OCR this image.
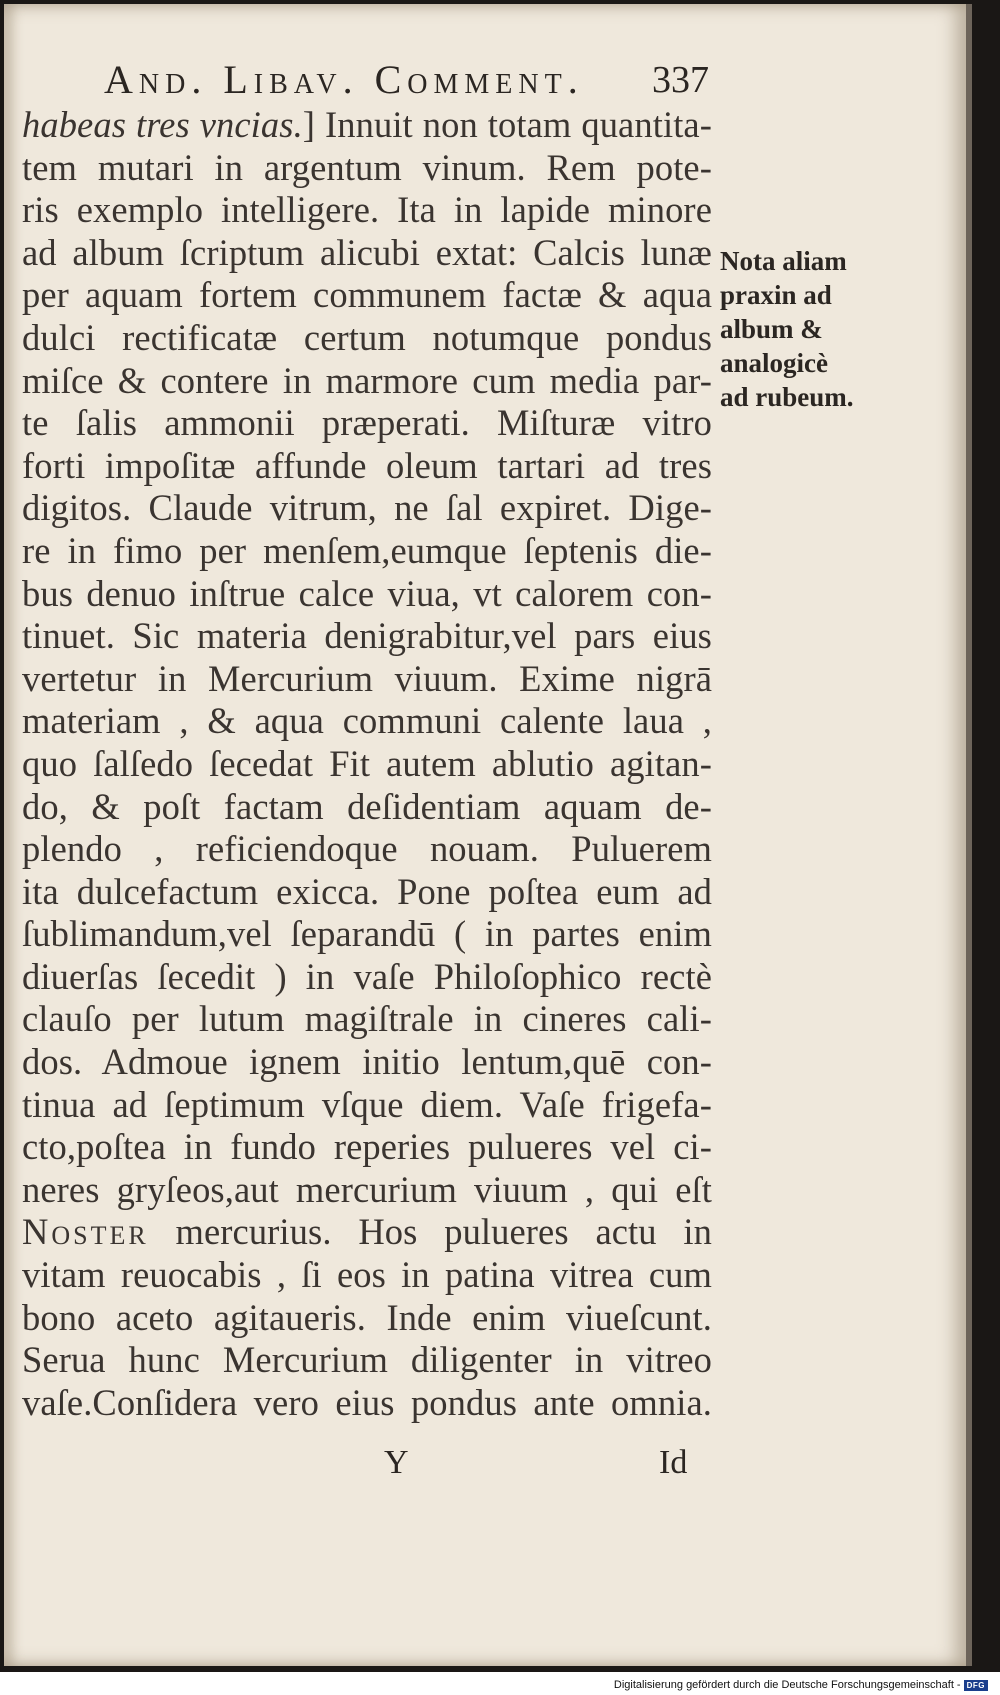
And. Libav. Comment. 337
habeas tres vncias.] Innuit non totam quantita-
tem mutari in argentum vinum. Rem pote-
ris exemplo intelligere. Ita in lapide minore
ad album ſcriptum alicubi extat: Calcis lunæ
per aquam fortem communem factæ & aqua
dulci rectificatæ certum notumque pondus
miſce & contere in marmore cum media par-
te ſalis ammonii præperati. Miſturæ vitro
forti impoſitæ affunde oleum tartari ad tres
digitos. Claude vitrum, ne ſal expiret. Dige-
re in fimo per menſem,eumque ſeptenis die-
bus denuo inſtrue calce viua, vt calorem con-
tinuet. Sic materia denigrabitur,vel pars eius
vertetur in Mercurium viuum. Exime nigrā
materiam , & aqua communi calente laua ,
quo ſalſedo ſecedat Fit autem ablutio agitan-
do, & poſt factam deſidentiam aquam de-
plendo , reficiendoque nouam. Puluerem
ita dulcefactum exicca. Pone poſtea eum ad
ſublimandum,vel ſeparandū ( in partes enim
diuerſas ſecedit ) in vaſe Philoſophico rectè
clauſo per lutum magiſtrale in cineres cali-
dos. Admoue ignem initio lentum,quē con-
tinua ad ſeptimum vſque diem. Vaſe frigefa-
cto,poſtea in fundo reperies pulueres vel ci-
neres gryſeos,aut mercurium viuum , qui eſt
Noster mercurius. Hos pulueres actu in
vitam reuocabis , ſi eos in patina vitrea cum
bono aceto agitaueris. Inde enim viueſcunt.
Serua hunc Mercurium diligenter in vitreo
vaſe.Conſidera vero eius pondus ante omnia.
Nota aliam
praxin ad
album &
analogicè
ad rubeum.
Y	Id
Digitalisierung gefördert durch die Deutsche Forschungsgemeinschaft - DFG
